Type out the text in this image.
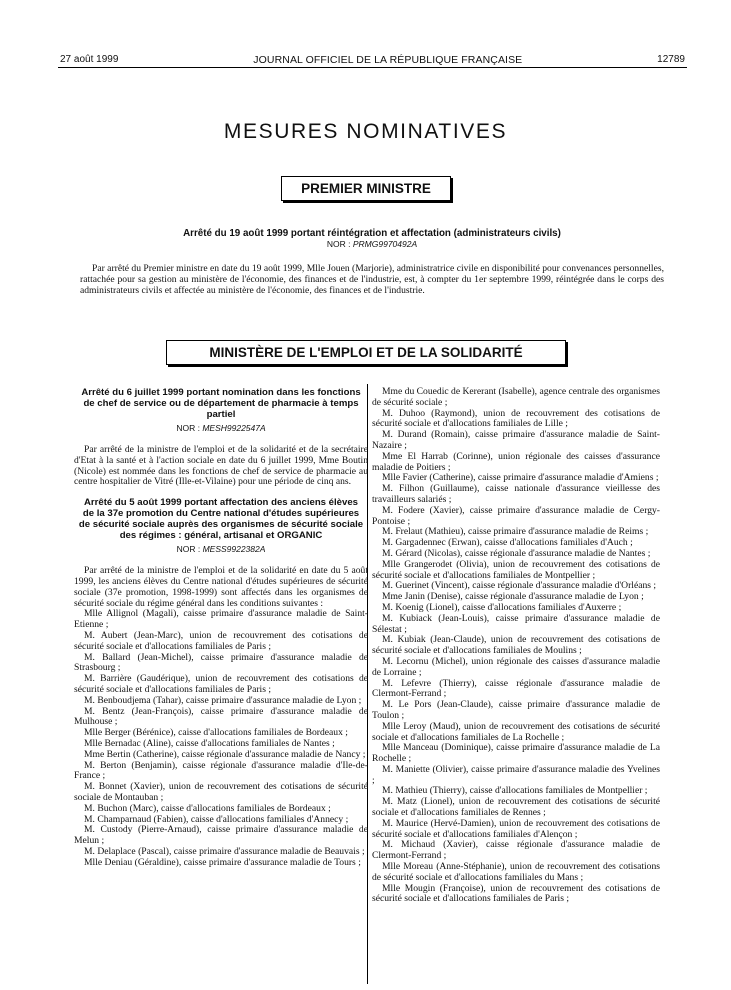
27 août 1999	JOURNAL OFFICIEL DE LA RÉPUBLIQUE FRANÇAISE	12789
MESURES NOMINATIVES
PREMIER MINISTRE
Arrêté du 19 août 1999 portant réintégration et affectation (administrateurs civils)
NOR : PRMG9970492A

Par arrêté du Premier ministre en date du 19 août 1999, Mlle Jouen (Marjorie), administratrice civile en disponibilité pour convenances personnelles, rattachée pour sa gestion au ministère de l'économie, des finances et de l'industrie, est, à compter du 1er septembre 1999, réintégrée dans le corps des administrateurs civils et affectée au ministère de l'économie, des finances et de l'industrie.

MINISTÈRE DE L'EMPLOI ET DE LA SOLIDARITÉ
Arrêté du 6 juillet 1999 portant nomination dans les fonctions de chef de service ou de département de pharmacie à temps partiel
NOR : MESH9922547A

Par arrêté de la ministre de l'emploi et de la solidarité et de la secrétaire d'Etat à la santé et à l'action sociale en date du 6 juillet 1999, Mme Boutin (Nicole) est nommée dans les fonctions de chef de service de pharmacie au centre hospitalier de Vitré (Ille-et-Vilaine) pour une période de cinq ans.

Arrêté du 5 août 1999 portant affectation des anciens élèves de la 37e promotion du Centre national d'études supérieures de sécurité sociale auprès des organismes de sécurité sociale des régimes : général, artisanal et ORGANIC
NOR : MESS9922382A

Par arrêté de la ministre de l'emploi et de la solidarité en date du 5 août 1999, les anciens élèves du Centre national d'études supérieures de sécurité sociale (37e promotion, 1998-1999) sont affectés dans les organismes de sécurité sociale du régime général dans les conditions suivantes :

Mlle Allignol (Magali), caisse primaire d'assurance maladie de Saint-Etienne ;

M. Aubert (Jean-Marc), union de recouvrement des cotisations de sécurité sociale et d'allocations familiales de Paris ;

M. Ballard (Jean-Michel), caisse primaire d'assurance maladie de Strasbourg ;

M. Barrière (Gaudérique), union de recouvrement des cotisations de sécurité sociale et d'allocations familiales de Paris ;

M. Benboudjema (Tahar), caisse primaire d'assurance maladie de Lyon ;

M. Bentz (Jean-François), caisse primaire d'assurance maladie de Mulhouse ;

Mlle Berger (Bérénice), caisse d'allocations familiales de Bordeaux ;

Mlle Bernadac (Aline), caisse d'allocations familiales de Nantes ;

Mme Bertin (Catherine), caisse régionale d'assurance maladie de Nancy ;

M. Berton (Benjamin), caisse régionale d'assurance maladie d'Ile-de-France ;

M. Bonnet (Xavier), union de recouvrement des cotisations de sécurité sociale de Montauban ;

M. Buchon (Marc), caisse d'allocations familiales de Bordeaux ;

M. Champarnaud (Fabien), caisse d'allocations familiales d'Annecy ;

M. Custody (Pierre-Arnaud), caisse primaire d'assurance maladie de Melun ;

M. Delaplace (Pascal), caisse primaire d'assurance maladie de Beauvais ;

Mlle Deniau (Géraldine), caisse primaire d'assurance maladie de Tours ;

Mme du Couedic de Kererant (Isabelle), agence centrale des organismes de sécurité sociale ;

M. Duhoo (Raymond), union de recouvrement des cotisations de sécurité sociale et d'allocations familiales de Lille ;

M. Durand (Romain), caisse primaire d'assurance maladie de Saint-Nazaire ;

Mme El Harrab (Corinne), union régionale des caisses d'assurance maladie de Poitiers ;

Mlle Favier (Catherine), caisse primaire d'assurance maladie d'Amiens ;

M. Filhon (Guillaume), caisse nationale d'assurance vieillesse des travailleurs salariés ;

M. Fodere (Xavier), caisse primaire d'assurance maladie de Cergy-Pontoise ;

M. Frelaut (Mathieu), caisse primaire d'assurance maladie de Reims ;

M. Gargadennec (Erwan), caisse d'allocations familiales d'Auch ;

M. Gérard (Nicolas), caisse régionale d'assurance maladie de Nantes ;

Mlle Grangerodet (Olivia), union de recouvrement des cotisations de sécurité sociale et d'allocations familiales de Montpellier ;

M. Guerinet (Vincent), caisse régionale d'assurance maladie d'Orléans ;

Mme Janin (Denise), caisse régionale d'assurance maladie de Lyon ;

M. Koenig (Lionel), caisse d'allocations familiales d'Auxerre ;

M. Kubiack (Jean-Louis), caisse primaire d'assurance maladie de Sélestat ;

M. Kubiak (Jean-Claude), union de recouvrement des cotisations de sécurité sociale et d'allocations familiales de Moulins ;

M. Lecornu (Michel), union régionale des caisses d'assurance maladie de Lorraine ;

M. Lefevre (Thierry), caisse régionale d'assurance maladie de Clermont-Ferrand ;

M. Le Pors (Jean-Claude), caisse primaire d'assurance maladie de Toulon ;

Mlle Leroy (Maud), union de recouvrement des cotisations de sécurité sociale et d'allocations familiales de La Rochelle ;

Mlle Manceau (Dominique), caisse primaire d'assurance maladie de La Rochelle ;

M. Maniette (Olivier), caisse primaire d'assurance maladie des Yvelines ;

M. Mathieu (Thierry), caisse d'allocations familiales de Montpellier ;

M. Matz (Lionel), union de recouvrement des cotisations de sécurité sociale et d'allocations familiales de Rennes ;

M. Maurice (Hervé-Damien), union de recouvrement des cotisations de sécurité sociale et d'allocations familiales d'Alençon ;

M. Michaud (Xavier), caisse régionale d'assurance maladie de Clermont-Ferrand ;

Mlle Moreau (Anne-Stéphanie), union de recouvrement des cotisations de sécurité sociale et d'allocations familiales du Mans ;

Mlle Mougin (Françoise), union de recouvrement des cotisations de sécurité sociale et d'allocations familiales de Paris ;
